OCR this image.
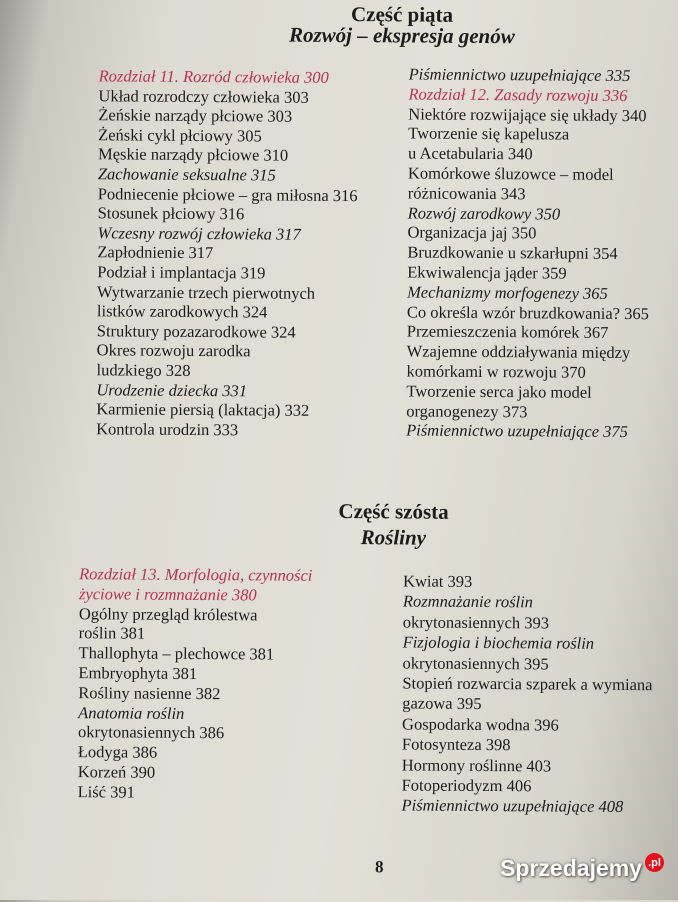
Część piąta
Rozwój – ekspresja genów
Rozdział 11. Rozród człowieka 300
Układ rozrodczy człowieka 303
Żeńskie narządy płciowe 303
Żeński cykl płciowy 305
Męskie narządy płciowe 310
Zachowanie seksualne 315
Podniecenie płciowe – gra miłosna 316
Stosunek płciowy 316
Wczesny rozwój człowieka 317
Zapłodnienie 317
Podział i implantacja 319
Wytwarzanie trzech pierwotnych
listków zarodkowych 324
Struktury pozazarodkowe 324
Okres rozwoju zarodka
ludzkiego 328
Urodzenie dziecka 331
Karmienie piersią (laktacja) 332
Kontrola urodzin 333
Piśmiennictwo uzupełniające 335
Rozdział 12. Zasady rozwoju 336
Niektóre rozwijające się układy 340
Tworzenie się kapelusza
u Acetabularia 340
Komórkowe śluzowce – model
różnicowania 343
Rozwój zarodkowy 350
Organizacja jaj 350
Bruzdkowanie u szkarłupni 354
Ekwiwalencja jąder 359
Mechanizmy morfogenezy 365
Co określa wzór bruzdkowania? 365
Przemieszczenia komórek 367
Wzajemne oddziaływania między
komórkami w rozwoju 370
Tworzenie serca jako model
organogenezy 373
Piśmiennictwo uzupełniające 375
Część szósta
Rośliny
Rozdział 13. Morfologia, czynności
życiowe i rozmnażanie 380
Ogólny przegląd królestwa
roślin 381
Thallophyta – plechowce 381
Embryophyta 381
Rośliny nasienne 382
Anatomia roślin
okrytonasiennych 386
Łodyga 386
Korzeń 390
Liść 391
Kwiat 393
Rozmnażanie roślin
okrytonasiennych 393
Fizjologia i biochemia roślin
okrytonasiennych 395
Stopień rozwarcia szparek a wymiana
gazowa 395
Gospodarka wodna 396
Fotosynteza 398
Hormony roślinne 403
Fotoperiodyzm 406
Piśmiennictwo uzupełniające 408
8	Sprzedajemy .pl
